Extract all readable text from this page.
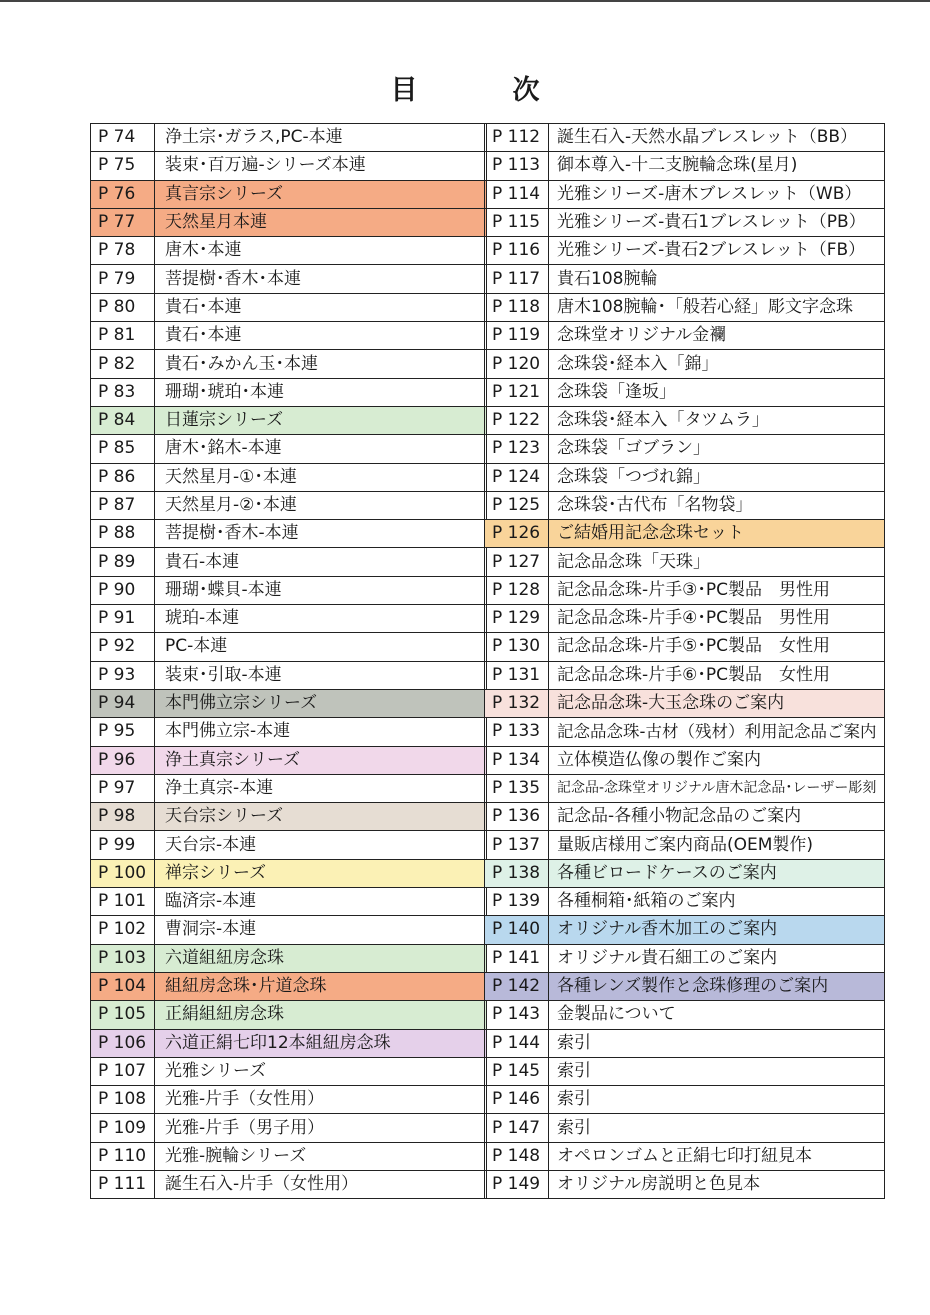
目　次
P 74	浄土宗･ガラス,PC-本連
P 75	装束･百万遍-シリーズ本連
P 76	真言宗シリーズ
P 77	天然星月本連
P 78	唐木･本連
P 79	菩提樹･香木･本連
P 80	貴石･本連
P 81	貴石･本連
P 82	貴石･みかん玉･本連
P 83	珊瑚･琥珀･本連
P 84	日蓮宗シリーズ
P 85	唐木･銘木-本連
P 86	天然星月-①･本連
P 87	天然星月-②･本連
P 88	菩提樹･香木-本連
P 89	貴石-本連
P 90	珊瑚･蝶貝-本連
P 91	琥珀-本連
P 92	PC-本連
P 93	装束･引取-本連
P 94	本門佛立宗シリーズ
P 95	本門佛立宗-本連
P 96	浄土真宗シリーズ
P 97	浄土真宗-本連
P 98	天台宗シリーズ
P 99	天台宗-本連
P 100	禅宗シリーズ
P 101	臨済宗-本連
P 102	曹洞宗-本連
P 103	六道組紐房念珠
P 104	組紐房念珠･片道念珠
P 105	正絹組紐房念珠
P 106	六道正絹七印12本組紐房念珠
P 107	光雅シリーズ
P 108	光雅-片手（女性用）
P 109	光雅-片手（男子用）
P 110	光雅-腕輪シリーズ
P 111	誕生石入-片手（女性用）
P 112	誕生石入-天然水晶ブレスレット（BB）
P 113	御本尊入-十二支腕輪念珠(星月)
P 114	光雅シリーズ-唐木ブレスレット（WB）
P 115	光雅シリーズ-貴石1ブレスレット（PB）
P 116	光雅シリーズ-貴石2ブレスレット（FB）
P 117	貴石108腕輪
P 118	唐木108腕輪･「般若心経」彫文字念珠
P 119	念珠堂オリジナル金襴
P 120	念珠袋･経本入「錦」
P 121	念珠袋「逢坂」
P 122	念珠袋･経本入「タツムラ」
P 123	念珠袋「ゴブラン」
P 124	念珠袋「つづれ錦」
P 125	念珠袋･古代布「名物袋」
P 126	ご結婚用記念念珠セット
P 127	記念品念珠「天珠」
P 128	記念品念珠-片手③･PC製品　男性用
P 129	記念品念珠-片手④･PC製品　男性用
P 130	記念品念珠-片手⑤･PC製品　女性用
P 131	記念品念珠-片手⑥･PC製品　女性用
P 132	記念品念珠-大玉念珠のご案内
P 133	記念品念珠-古材（残材）利用記念品ご案内
P 134	立体模造仏像の製作ご案内
P 135	記念品-念珠堂オリジナル唐木記念品･レーザー彫刻
P 136	記念品-各種小物記念品のご案内
P 137	量販店様用ご案内商品(OEM製作)
P 138	各種ビロードケースのご案内
P 139	各種桐箱･紙箱のご案内
P 140	オリジナル香木加工のご案内
P 141	オリジナル貴石細工のご案内
P 142	各種レンズ製作と念珠修理のご案内
P 143	金製品について
P 144	索引
P 145	索引
P 146	索引
P 147	索引
P 148	オペロンゴムと正絹七印打紐見本
P 149	オリジナル房説明と色見本
